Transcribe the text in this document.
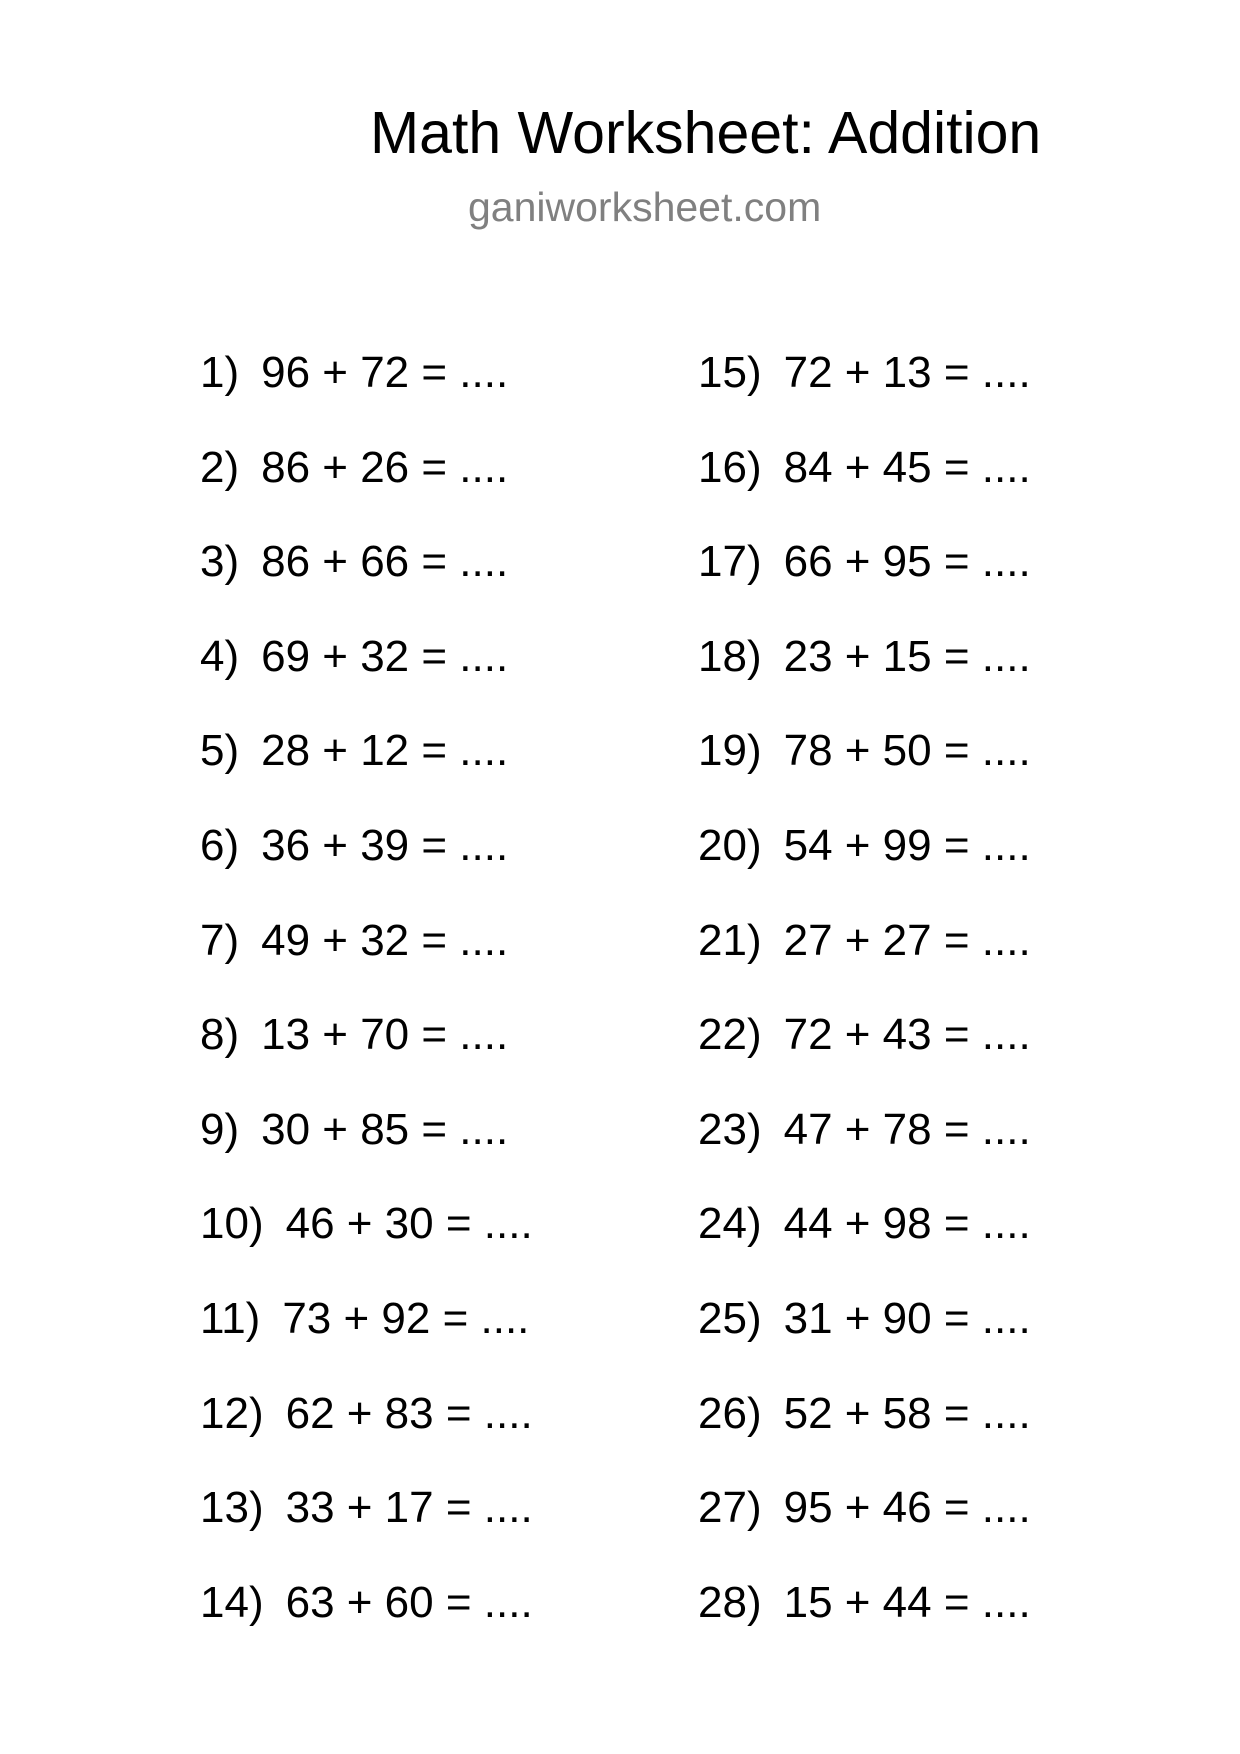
Math Worksheet: Addition
ganiworksheet.com
1) 96 + 72 = ....
2) 86 + 26 = ....
3) 86 + 66 = ....
4) 69 + 32 = ....
5) 28 + 12 = ....
6) 36 + 39 = ....
7) 49 + 32 = ....
8) 13 + 70 = ....
9) 30 + 85 = ....
10) 46 + 30 = ....
11) 73 + 92 = ....
12) 62 + 83 = ....
13) 33 + 17 = ....
14) 63 + 60 = ....
15) 72 + 13 = ....
16) 84 + 45 = ....
17) 66 + 95 = ....
18) 23 + 15 = ....
19) 78 + 50 = ....
20) 54 + 99 = ....
21) 27 + 27 = ....
22) 72 + 43 = ....
23) 47 + 78 = ....
24) 44 + 98 = ....
25) 31 + 90 = ....
26) 52 + 58 = ....
27) 95 + 46 = ....
28) 15 + 44 = ....
